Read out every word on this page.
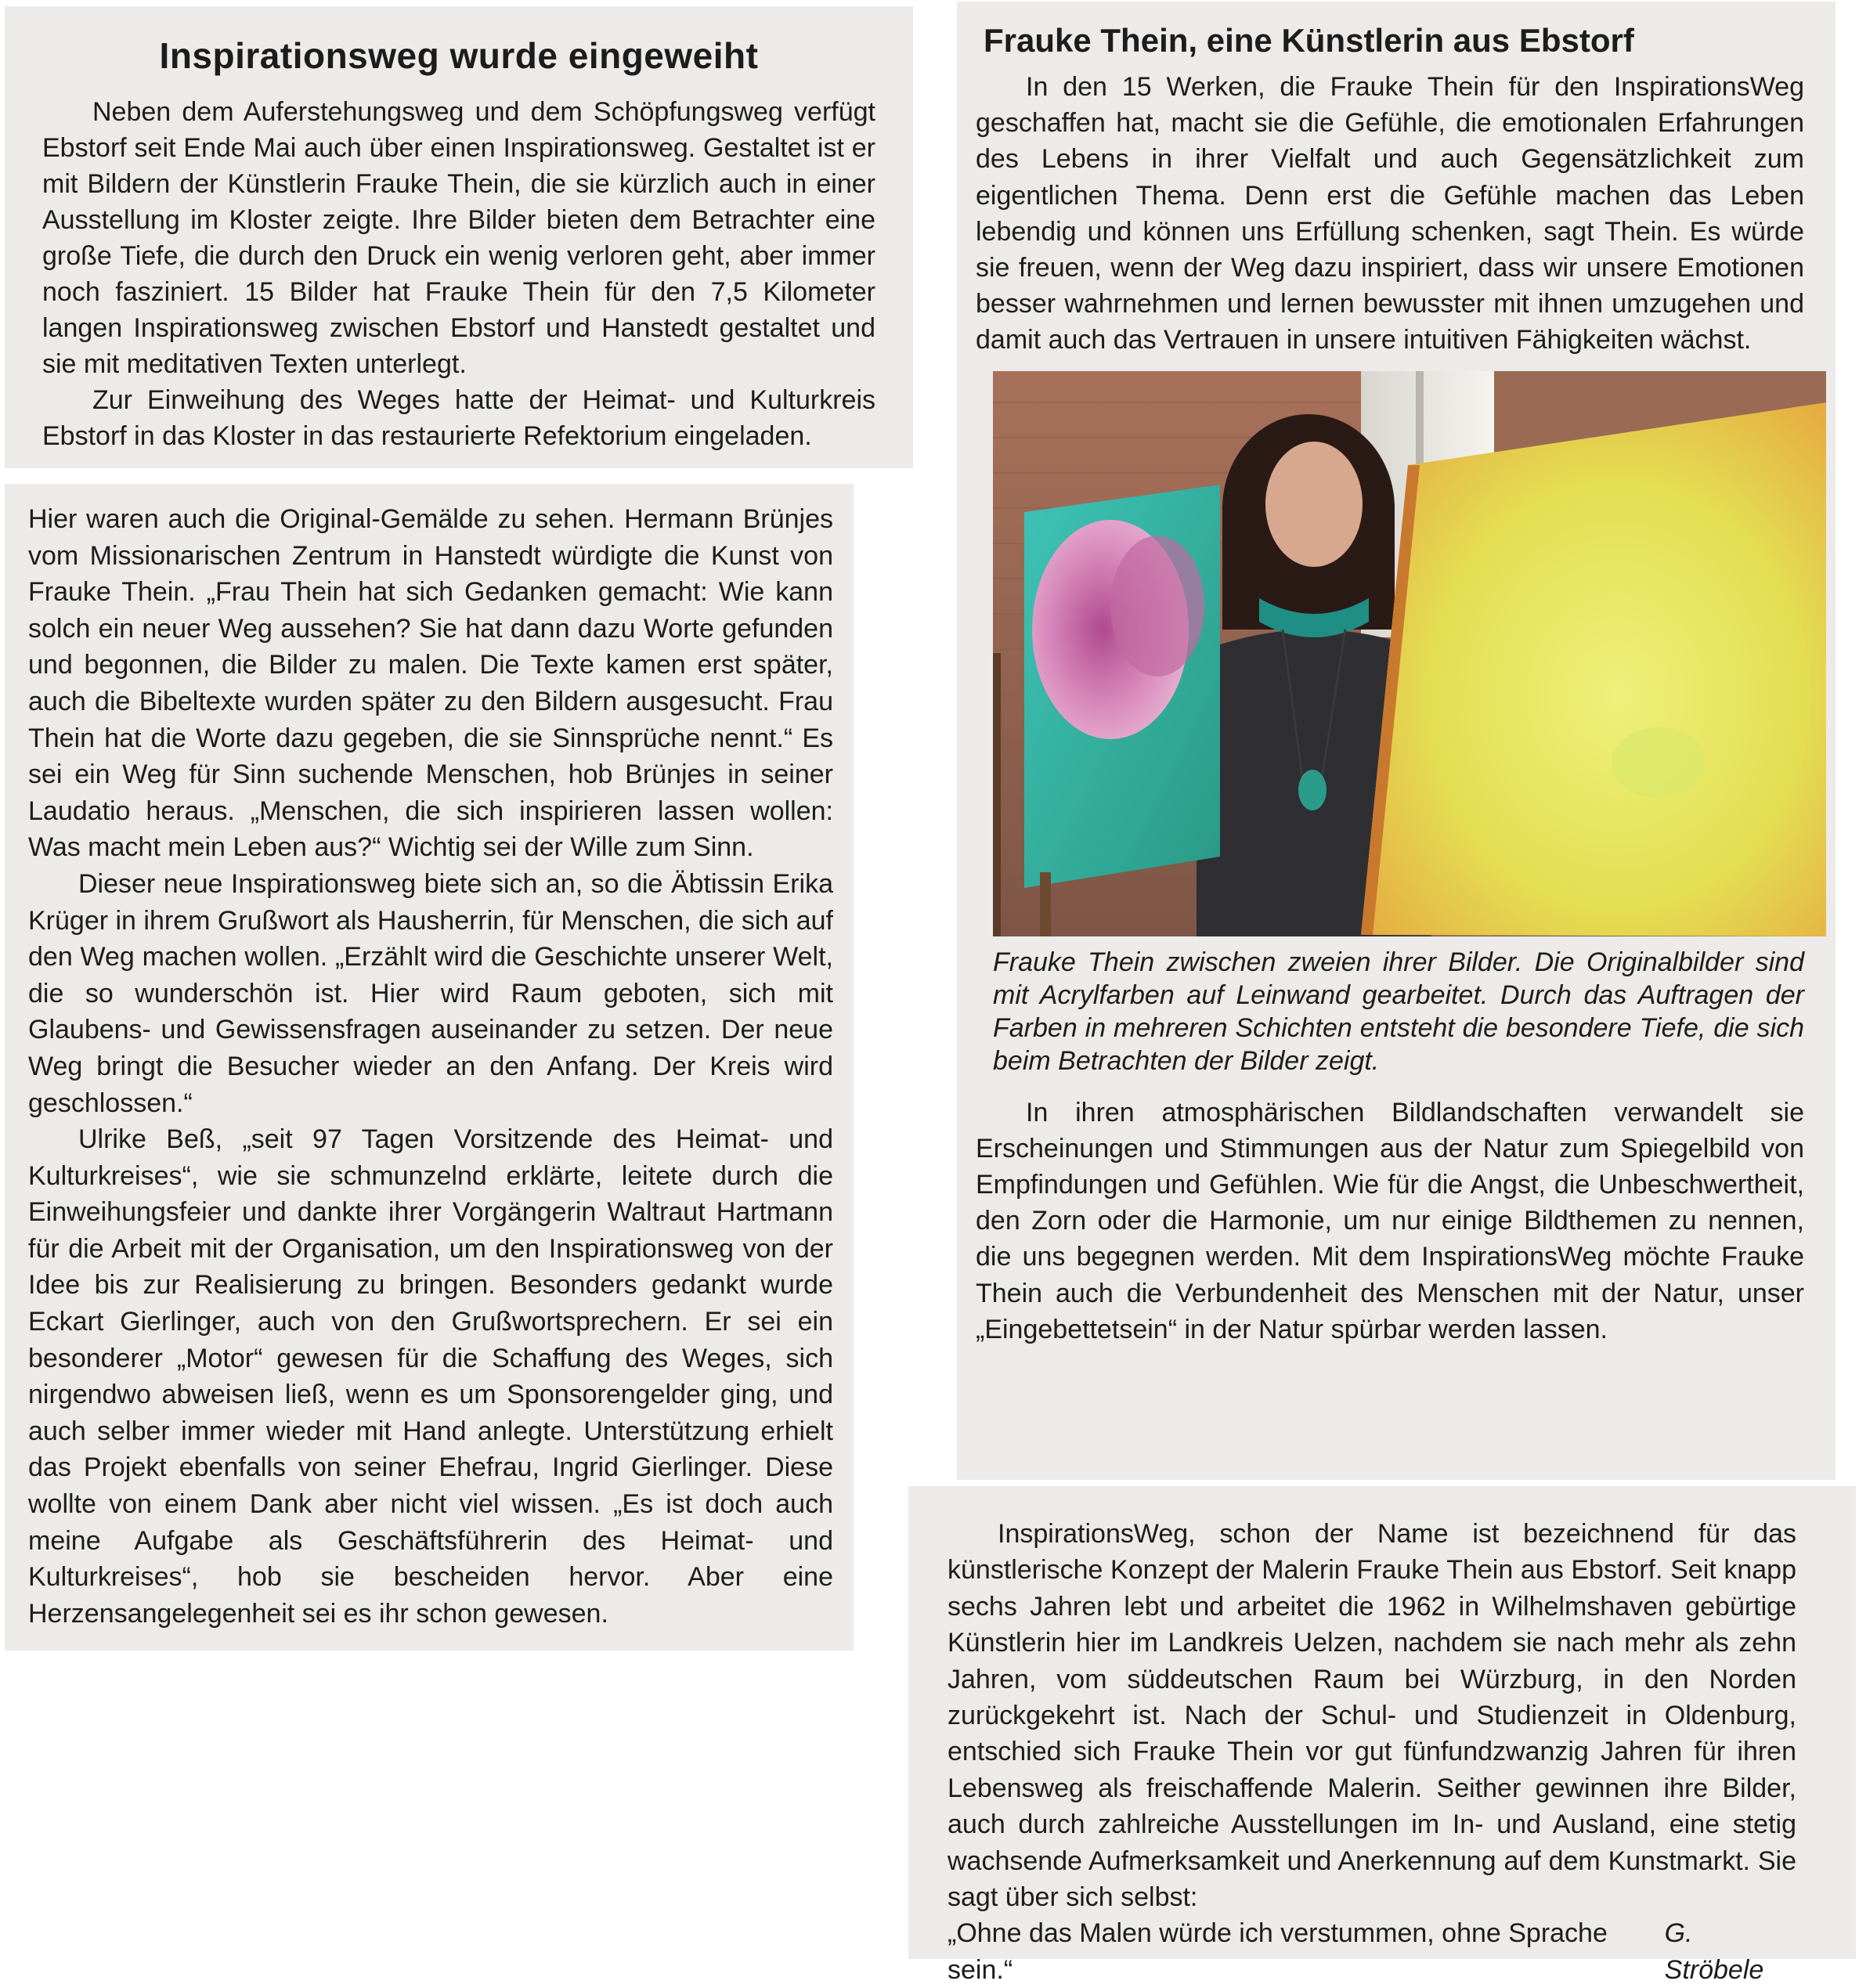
Inspirationsweg wurde eingeweiht

Neben dem Auferstehungsweg und dem Schöpfungsweg verfügt Ebstorf seit Ende Mai auch über einen Inspirationsweg. Gestaltet ist er mit Bildern der Künstlerin Frauke Thein, die sie kürzlich auch in einer Ausstellung im Kloster zeigte. Ihre Bilder bieten dem Betrachter eine große Tiefe, die durch den Druck ein wenig verloren geht, aber immer noch fasziniert. 15 Bilder hat Frauke Thein für den 7,5 Kilometer langen Inspirationsweg zwischen Ebstorf und Hanstedt gestaltet und sie mit meditativen Texten unterlegt.

Zur Einweihung des Weges hatte der Heimat- und Kulturkreis Ebstorf in das Kloster in das restaurierte Refektorium eingeladen.

Hier waren auch die Original-Gemälde zu sehen. Hermann Brünjes vom Missionarischen Zentrum in Hanstedt würdigte die Kunst von Frauke Thein. „Frau Thein hat sich Gedanken gemacht: Wie kann solch ein neuer Weg aussehen? Sie hat dann dazu Worte gefunden und begonnen, die Bilder zu malen. Die Texte kamen erst später, auch die Bibeltexte wurden später zu den Bildern ausgesucht. Frau Thein hat die Worte dazu gegeben, die sie Sinnsprüche nennt.“ Es sei ein Weg für Sinn suchende Menschen, hob Brünjes in seiner Laudatio heraus. „Menschen, die sich inspirieren lassen wollen: Was macht mein Leben aus?“ Wichtig sei der Wille zum Sinn.

Dieser neue Inspirationsweg biete sich an, so die Äbtissin Erika Krüger in ihrem Grußwort als Hausherrin, für Menschen, die sich auf den Weg machen wollen. „Erzählt wird die Geschichte unserer Welt, die so wunderschön ist. Hier wird Raum geboten, sich mit Glaubens- und Gewissensfragen auseinander zu setzen. Der neue Weg bringt die Besucher wieder an den Anfang. Der Kreis wird geschlossen.“

Ulrike Beß, „seit 97 Tagen Vorsitzende des Heimat- und Kulturkreises“, wie sie schmunzelnd erklärte, leitete durch die Einweihungsfeier und dankte ihrer Vorgängerin Waltraut Hartmann für die Arbeit mit der Organisation, um den Inspirationsweg von der Idee bis zur Realisierung zu bringen. Besonders gedankt wurde Eckart Gierlinger, auch von den Grußwortsprechern. Er sei ein besonderer „Motor“ gewesen für die Schaffung des Weges, sich nirgendwo abweisen ließ, wenn es um Sponsorengelder ging, und auch selber immer wieder mit Hand anlegte. Unterstützung erhielt das Projekt ebenfalls von seiner Ehefrau, Ingrid Gierlinger. Diese wollte von einem Dank aber nicht viel wissen. „Es ist doch auch meine Aufgabe als Geschäftsführerin des Heimat- und Kulturkreises“, hob sie bescheiden hervor. Aber eine Herzensangelegenheit sei es ihr schon gewesen.

Frauke Thein, eine Künstlerin aus Ebstorf

In den 15 Werken, die Frauke Thein für den InspirationsWeg geschaffen hat, macht sie die Gefühle, die emotionalen Erfahrungen des Lebens in ihrer Vielfalt und auch Gegensätzlichkeit zum eigentlichen Thema. Denn erst die Gefühle machen das Leben lebendig und können uns Erfüllung schenken, sagt Thein. Es würde sie freuen, wenn der Weg dazu inspiriert, dass wir unsere Emotionen besser wahrnehmen und lernen bewusster mit ihnen umzugehen und damit auch das Vertrauen in unsere intuitiven Fähigkeiten wächst.

Frauke Thein zwischen zweien ihrer Bilder. Die Originalbilder sind mit Acrylfarben auf Leinwand gearbeitet. Durch das Auftragen der Farben in mehreren Schichten entsteht die besondere Tiefe, die sich beim Betrachten der Bilder zeigt.

In ihren atmosphärischen Bildlandschaften verwandelt sie Erscheinungen und Stimmungen aus der Natur zum Spiegelbild von Empfindungen und Gefühlen. Wie für die Angst, die Unbeschwertheit, den Zorn oder die Harmonie, um nur einige Bildthemen zu nennen, die uns begegnen werden. Mit dem InspirationsWeg möchte Frauke Thein auch die Verbundenheit des Menschen mit der Natur, unser „Eingebettetsein“ in der Natur spürbar werden lassen.

InspirationsWeg, schon der Name ist bezeichnend für das künstlerische Konzept der Malerin Frauke Thein aus Ebstorf. Seit knapp sechs Jahren lebt und arbeitet die 1962 in Wilhelmshaven gebürtige Künstlerin hier im Landkreis Uelzen, nachdem sie nach mehr als zehn Jahren, vom süddeutschen Raum bei Würzburg, in den Norden zurückgekehrt ist. Nach der Schul- und Studienzeit in Oldenburg, entschied sich Frauke Thein vor gut fünfundzwanzig Jahren für ihren Lebensweg als freischaffende Malerin. Seither gewinnen ihre Bilder, auch durch zahlreiche Ausstellungen im In- und Ausland, eine stetig wachsende Aufmerksamkeit und Anerkennung auf dem Kunstmarkt. Sie sagt über sich selbst:

„Ohne das Malen würde ich verstummen, ohne Sprache sein.“
G. Ströbele
